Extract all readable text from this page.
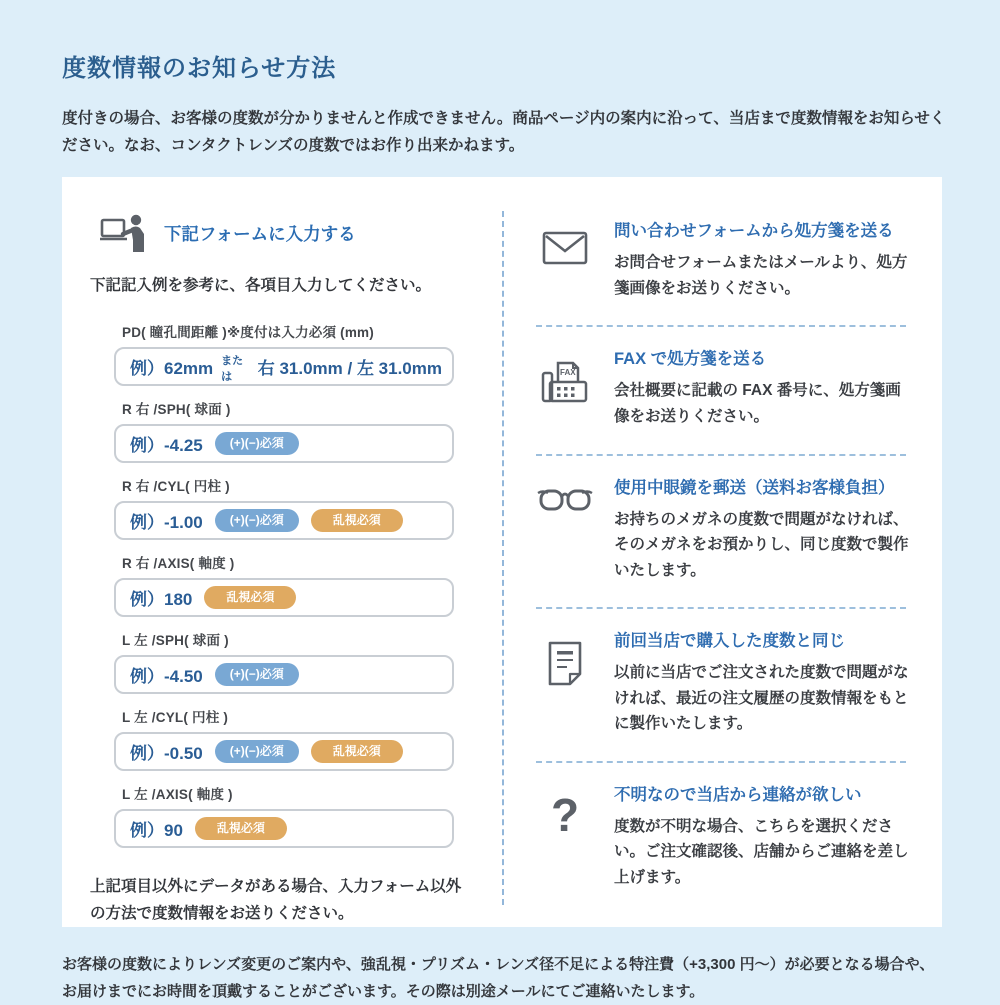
度数情報のお知らせ方法

度付きの場合、お客様の度数が分かりませんと作成できません。商品ページ内の案内に沿って、当店まで度数情報をお知らせください。なお、コンタクトレンズの度数ではお作り出来かねます。

下記フォームに入力する

下記記入例を参考に、各項目入力してください。

PD( 瞳孔間距離 )※度付は入力必須 (mm)
例）62mm または	右 31.0mm / 左 31.0mm
R 右 /SPH( 球面 )
例）-4.25	(+)(−)必須
R 右 /CYL( 円柱 )
例）-1.00	(+)(−)必須	乱視必須
R 右 /AXIS( 軸度 )
例）180	乱視必須
L 左 /SPH( 球面 )
例）-4.50	(+)(−)必須
L 左 /CYL( 円柱 )
例）-0.50	(+)(−)必須	乱視必須
L 左 /AXIS( 軸度 )
例）90	乱視必須

上記項目以外にデータがある場合、入力フォーム以外の方法で度数情報をお送りください。

問い合わせフォームから処方箋を送る
お問合せフォームまたはメールより、処方箋画像をお送りください。
FAX
FAX で処方箋を送る
会社概要に記載の FAX 番号に、処方箋画像をお送りください。
使用中眼鏡を郵送（送料お客様負担）
お持ちのメガネの度数で問題がなければ、そのメガネをお預かりし、同じ度数で製作いたします。
前回当店で購入した度数と同じ
以前に当店でご注文された度数で問題がなければ、最近の注文履歴の度数情報をもとに製作いたします。
? 不明なので当店から連絡が欲しい
度数が不明な場合、こちらを選択ください。ご注文確認後、店舗からご連絡を差し上げます。

お客様の度数によりレンズ変更のご案内や、強乱視・プリズム・レンズ径不足による特注費（+3,300 円～）が必要となる場合や、お届けまでにお時間を頂戴することがございます。その際は別途メールにてご連絡いたします。
